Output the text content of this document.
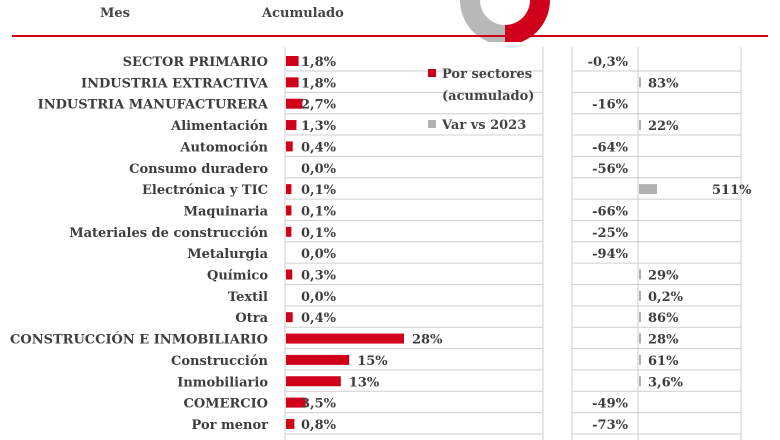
Mes	Acumulado
SECTOR PRIMARIO	1,8%	-0,3%
INDUSTRIA EXTRACTIVA	1,8%	83%
INDUSTRIA MANUFACTURERA	2,7%	-16%
Alimentación	1,3%	22%
Automoción	0,4%	-64%
Consumo duradero	0,0%	-56%
Electrónica y TIC	0,1%	511%
Maquinaria	0,1%	-66%
Materiales de construcción	0,1%	-25%
Metalurgia	0,0%	-94%
Químico	0,3%	29%
Textil	0,0%	0,2%
Otra	0,4%	86%
CONSTRUCCIÓN E INMOBILIARIO	28%	28%
Construcción	15%	61%
Inmobiliario	13%	3,6%
COMERCIO	3,5%	-49%
Por menor	0,8%	-73%
Por sectores
(acumulado)
Var vs 2023
